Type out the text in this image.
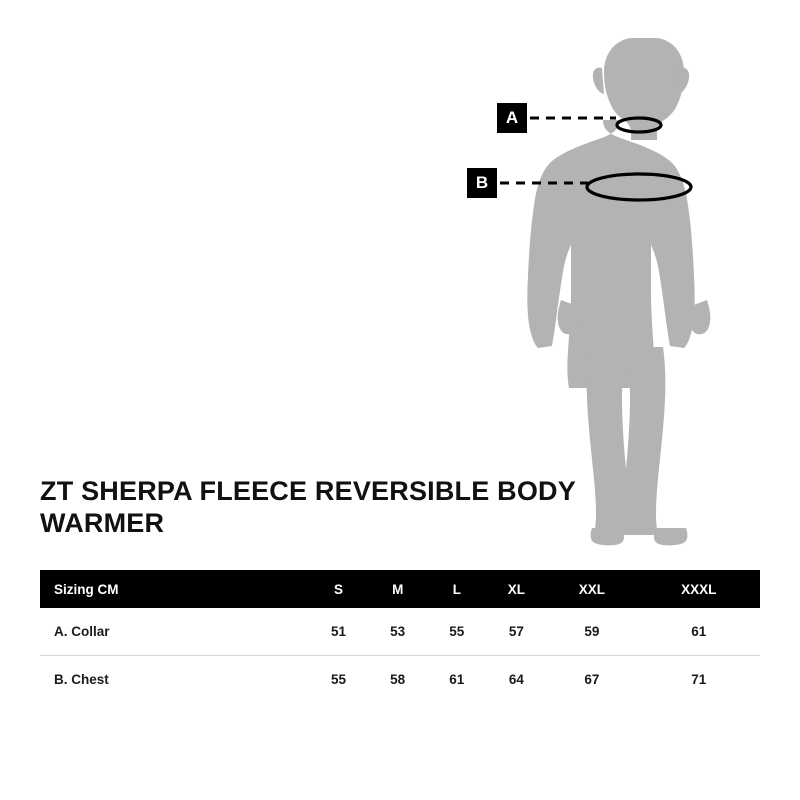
A
B
ZT SHERPA FLEECE REVERSIBLE BODY WARMER
Sizing CM	S	M	L	XL	XXL	XXXL
A. Collar	51	53	55	57	59	61
B. Chest	55	58	61	64	67	71
